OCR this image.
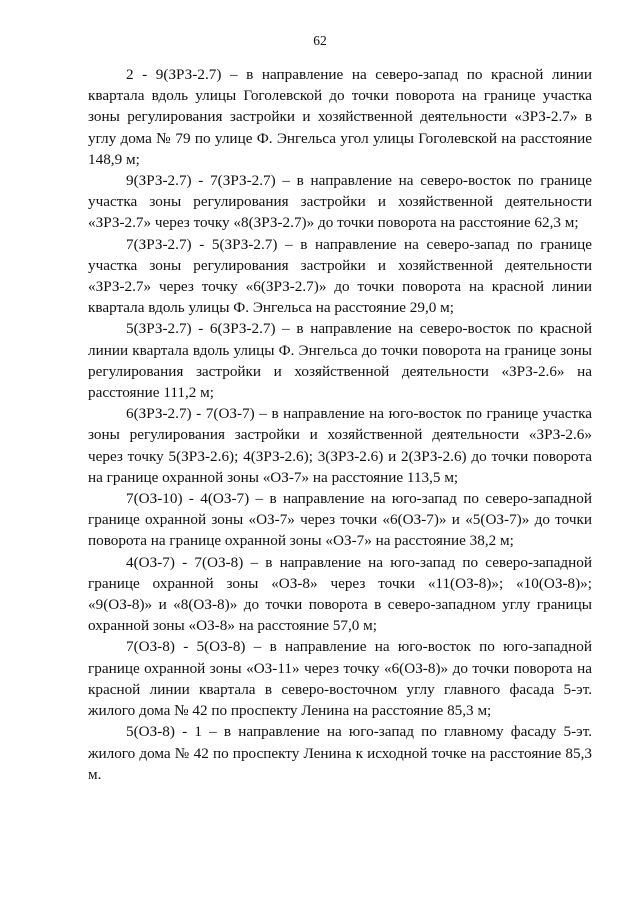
62

2 - 9(ЗРЗ-2.7) – в направление на северо-запад по красной линии квартала вдоль улицы Гоголевской до точки поворота на границе участка зоны регулирования застройки и хозяйственной деятельности «ЗРЗ-2.7» в углу дома № 79 по улице Ф. Энгельса угол улицы Гоголевской на расстояние 148,9 м;

9(ЗРЗ-2.7) - 7(ЗРЗ-2.7) – в направление на северо-восток по границе участка зоны регулирования застройки и хозяйственной деятельности «ЗРЗ-2.7» через точку «8(ЗРЗ-2.7)» до точки поворота на расстояние 62,3 м;

7(ЗРЗ-2.7) - 5(ЗРЗ-2.7) – в направление на северо-запад по границе участка зоны регулирования застройки и хозяйственной деятельности «ЗРЗ-2.7» через точку «6(ЗРЗ-2.7)» до точки поворота на красной линии квартала вдоль улицы Ф. Энгельса на расстояние 29,0 м;

5(ЗРЗ-2.7) - 6(ЗРЗ-2.7) – в направление на северо-восток по красной линии квартала вдоль улицы Ф. Энгельса до точки поворота на границе зоны регулирования застройки и хозяйственной деятельности «ЗРЗ-2.6» на расстояние 111,2 м;

6(ЗРЗ-2.7) - 7(ОЗ-7) – в направление на юго-восток по границе участка зоны регулирования застройки и хозяйственной деятельности «ЗРЗ-2.6» через точку 5(ЗРЗ-2.6); 4(ЗРЗ-2.6); 3(ЗРЗ-2.6) и 2(ЗРЗ-2.6) до точки поворота на границе охранной зоны «ОЗ-7» на расстояние 113,5 м;

7(ОЗ-10) - 4(ОЗ-7) – в направление на юго-запад по северо-западной границе охранной зоны «ОЗ-7» через точки «6(ОЗ-7)» и «5(ОЗ-7)» до точки поворота на границе охранной зоны «ОЗ-7» на расстояние 38,2 м;

4(ОЗ-7) - 7(ОЗ-8) – в направление на юго-запад по северо-западной границе охранной зоны «ОЗ-8» через точки «11(ОЗ-8)»; «10(ОЗ-8)»; «9(ОЗ-8)» и «8(ОЗ-8)» до точки поворота в северо-западном углу границы охранной зоны «ОЗ-8» на расстояние 57,0 м;

7(ОЗ-8) - 5(ОЗ-8) – в направление на юго-восток по юго-западной границе охранной зоны «ОЗ-11» через точку «6(ОЗ-8)» до точки поворота на красной линии квартала в северо-восточном углу главного фасада 5-эт. жилого дома № 42 по проспекту Ленина на расстояние 85,3 м;

5(ОЗ-8) - 1 – в направление на юго-запад по главному фасаду 5-эт. жилого дома № 42 по проспекту Ленина к исходной точке на расстояние 85,3 м.
